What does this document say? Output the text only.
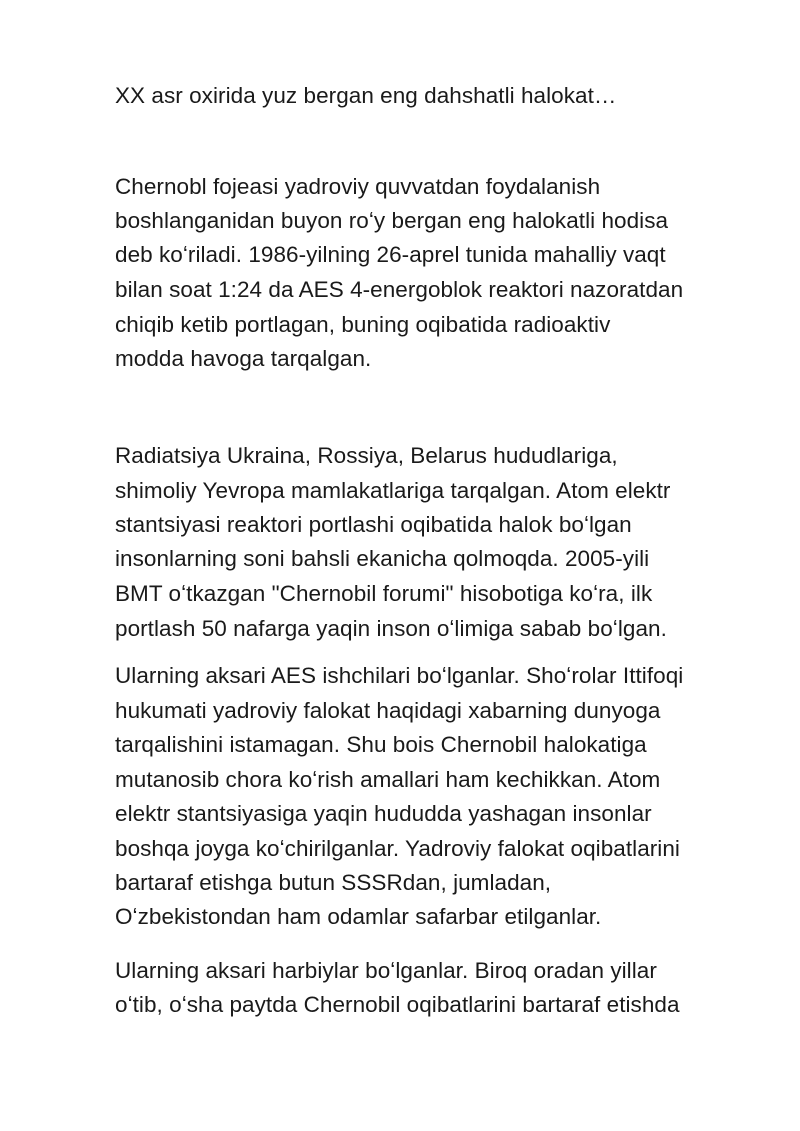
XX asr oxirida yuz bergan eng dahshatli halokat…
Chernobl fojeasi yadroviy quvvatdan foydalanish
boshlanganidan buyon roʻy bergan eng halokatli hodisa
deb koʻriladi. 1986-yilning 26-aprel tunida mahalliy vaqt
bilan soat 1:24 da AES 4-energoblok reaktori nazoratdan
chiqib ketib portlagan, buning oqibatida radioaktiv
modda havoga tarqalgan.
Radiatsiya Ukraina, Rossiya, Belarus hududlariga,
shimoliy Yevropa mamlakatlariga tarqalgan. Atom elektr
stantsiyasi reaktori portlashi oqibatida halok boʻlgan
insonlarning soni bahsli ekanicha qolmoqda. 2005-yili
BMT oʻtkazgan "Chernobil forumi" hisobotiga koʻra, ilk
portlash 50 nafarga yaqin inson oʻlimiga sabab boʻlgan.
Ularning aksari AES ishchilari boʻlganlar. Shoʻrolar Ittifoqi
hukumati yadroviy falokat haqidagi xabarning dunyoga
tarqalishini istamagan. Shu bois Chernobil halokatiga
mutanosib chora koʻrish amallari ham kechikkan. Atom
elektr stantsiyasiga yaqin hududda yashagan insonlar
boshqa joyga koʻchirilganlar. Yadroviy falokat oqibatlarini
bartaraf etishga butun SSSRdan, jumladan,
Oʻzbekistondan ham odamlar safarbar etilganlar.
Ularning aksari harbiylar boʻlganlar. Biroq oradan yillar
oʻtib, oʻsha paytda Chernobil oqibatlarini bartaraf etishda
